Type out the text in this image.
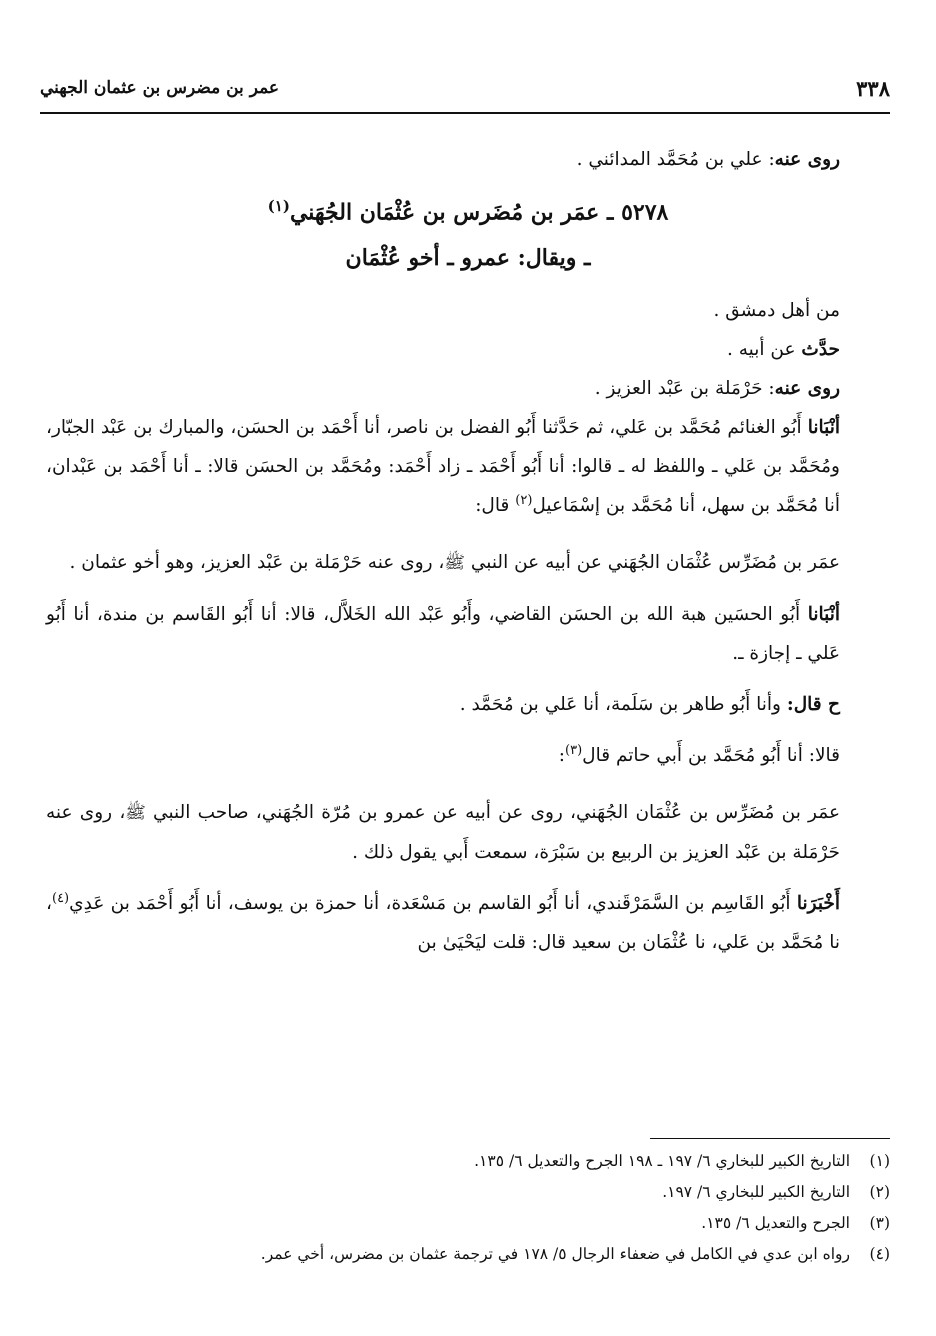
٣٣٨
عمر بن مضرس بن عثمان الجهني

روى عنه: علي بن مُحَمَّد المدائني .

٥٢٧٨ ـ عمَر بن مُضَرس بن عُثْمَان الجُهَني$^{(١)}$
ـ ويقال: عمرو ـ أخو عُثْمَان

من أهل دمشق .

حدَّث عن أبيه .

روى عنه: حَرْمَلة بن عَبْد العزيز .

أنْبَانا أَبُو الغنائم مُحَمَّد بن عَلي، ثم حَدَّثنا أَبُو الفضل بن ناصر، أنا أَحْمَد بن الحسَن، والمبارك بن عَبْد الجبّار، ومُحَمَّد بن عَلي ـ واللفظ له ـ قالوا: أنا أَبُو أَحْمَد ـ زاد أَحْمَد: ومُحَمَّد بن الحسَن قالا: ـ أنا أَحْمَد بن عَبْدان، أنا مُحَمَّد بن سهل، أنا مُحَمَّد بن إسْمَاعيل$^{(٢)}$ قال:

عمَر بن مُضَرِّس عُثْمَان الجُهَني عن أبيه عن النبي ﷺ، روى عنه حَرْمَلة بن عَبْد العزيز، وهو أخو عثمان .

أنْبَانا أَبُو الحسَين هبة الله بن الحسَن القاضي، وأَبُو عَبْد الله الخَلاَّل، قالا: أنا أَبُو القَاسم بن مندة، أنا أَبُو عَلي ـ إجازة ـ.

ح قال: وأنا أَبُو طاهر بن سَلَمة، أنا عَلي بن مُحَمَّد .

قالا: أنا أَبُو مُحَمَّد بن أَبي حاتم قال$^{(٣)}$:

عمَر بن مُضَرِّس بن عُثْمَان الجُهَني، روى عن أبيه عن عمرو بن مُرّة الجُهَني، صاحب النبي ﷺ، روى عنه حَرْمَلة بن عَبْد العزيز بن الربيع بن سَبْرَة، سمعت أَبي يقول ذلك .

أَخْبَرَنا أَبُو القَاسِم بن السَّمَرْقَندي، أنا أَبُو القاسم بن مَسْعَدة، أنا حمزة بن يوسف، أنا أَبُو أَحْمَد بن عَدِي$^{(٤)}$، نا مُحَمَّد بن عَلي، نا عُثْمَان بن سعيد قال: قلت ليَحْيَىٰ بن

(١)
التاريخ الكبير للبخاري ٦/ ١٩٧ ـ ١٩٨ الجرح والتعديل ٦/ ١٣٥.
(٢)
التاريخ الكبير للبخاري ٦/ ١٩٧.
(٣)
الجرح والتعديل ٦/ ١٣٥.
(٤)
رواه ابن عدي في الكامل في ضعفاء الرجال ٥/ ١٧٨ في ترجمة عثمان بن مضرس، أخي عمر.
